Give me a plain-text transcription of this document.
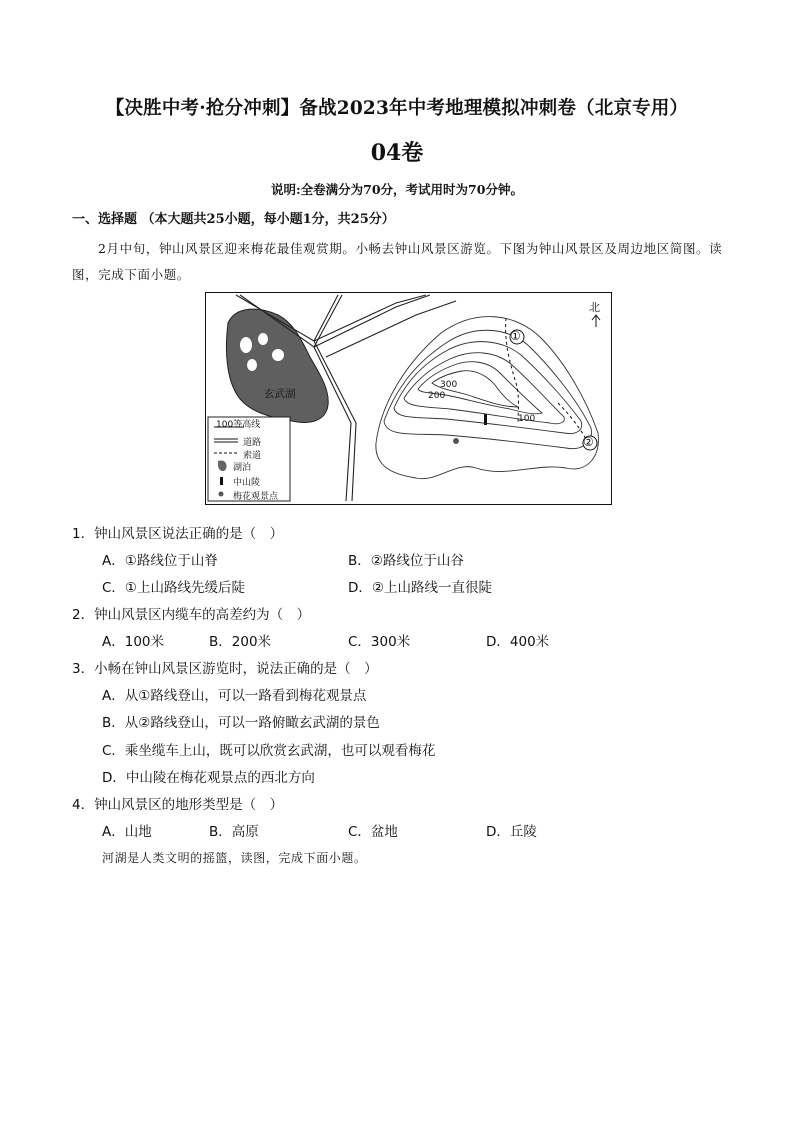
【决胜中考·抢分冲刺】备战2023年中考地理模拟冲刺卷（北京专用）
04卷
说明:全卷满分为70分，考试用时为70分钟。
一、选择题 （本大题共25小题，每小题1分，共25分）
2月中旬，钟山风景区迎来梅花最佳观赏期。小畅去钟山风景区游览。下图为钟山风景区及周边地区简图。读图，完成下面小题。
北
玄武湖
①
②
300
200
100
100等高线
道路
索道
湖泊
中山陵
梅花观景点
1．钟山风景区说法正确的是（　）
A．①路线位于山脊	B．②路线位于山谷
C．①上山路线先缓后陡	D．②上山路线一直很陡
2．钟山风景区内缆车的高差约为（　）
A．100米	B．200米	C．300米	D．400米
3．小畅在钟山风景区游览时，说法正确的是（　）
A．从①路线登山，可以一路看到梅花观景点
B．从②路线登山，可以一路俯瞰玄武湖的景色
C．乘坐缆车上山，既可以欣赏玄武湖，也可以观看梅花
D．中山陵在梅花观景点的西北方向
4．钟山风景区的地形类型是（　）
A．山地	B．高原	C．盆地	D．丘陵
河湖是人类文明的摇篮，读图，完成下面小题。
